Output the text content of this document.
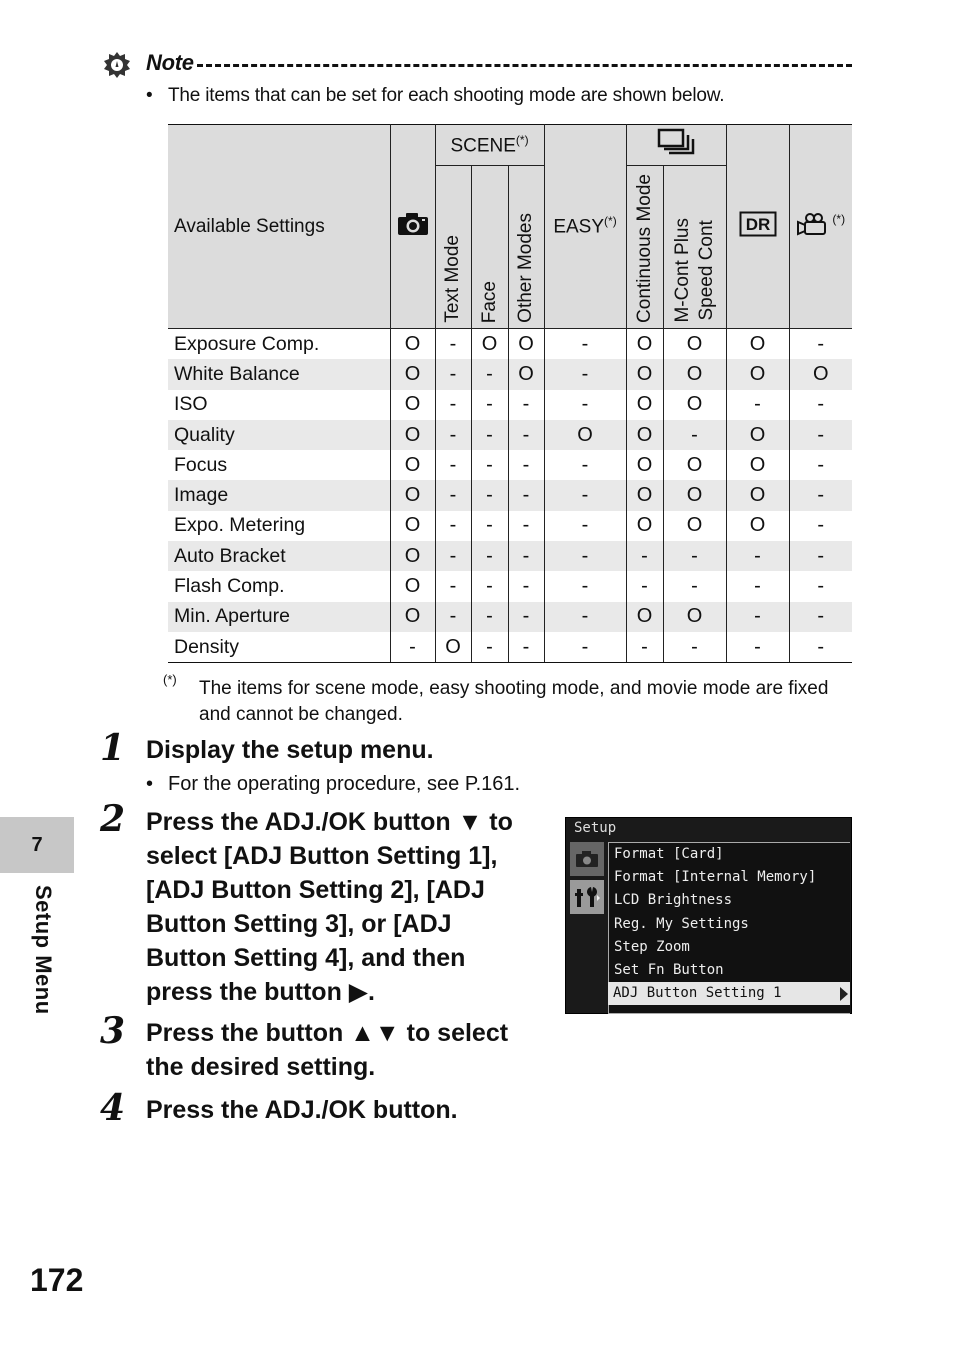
Note
• The items that can be set for each shooting mode are shown below.
Available Settings		SCENE(*)			EASY(*)			DR	(*)

		Text Mode	Face	Other Modes		Continuous Mode	M-Cont Plus Speed Cont		

Exposure Comp.	O	-	O	O	-	O	O	O	-
White Balance	O	-	-	O	-	O	O	O	O
ISO	O	-	-	-	-	O	O	-	-
Quality	O	-	-	-	O	O	-	O	-
Focus	O	-	-	-	-	O	O	O	-
Image	O	-	-	-	-	O	O	O	-
Expo. Metering	O	-	-	-	-	O	O	O	-
Auto Bracket	O	-	-	-	-	-	-	-	-
Flash Comp.	O	-	-	-	-	-	-	-	-
Min. Aperture	O	-	-	-	-	O	O	-	-
Density	-	O	-	-	-	-	-	-	-
(*) The items for scene mode, easy shooting mode, and movie mode are fixed and cannot be changed.
1 Display the setup menu.
• For the operating procedure, see P.161.
2 Press the ADJ./OK button ▼ to
select [ADJ Button Setting 1],
[ADJ Button Setting 2], [ADJ
Button Setting 3], or [ADJ
Button Setting 4], and then
press the button ▶.
3 Press the button ▲▼ to select
the desired setting.
4 Press the ADJ./OK button.
Setup
Format [Card]
Format [Internal Memory]
LCD Brightness
Reg. My Settings
Step Zoom
Set Fn Button
ADJ Button Setting 1
7
Setup Menu
172
